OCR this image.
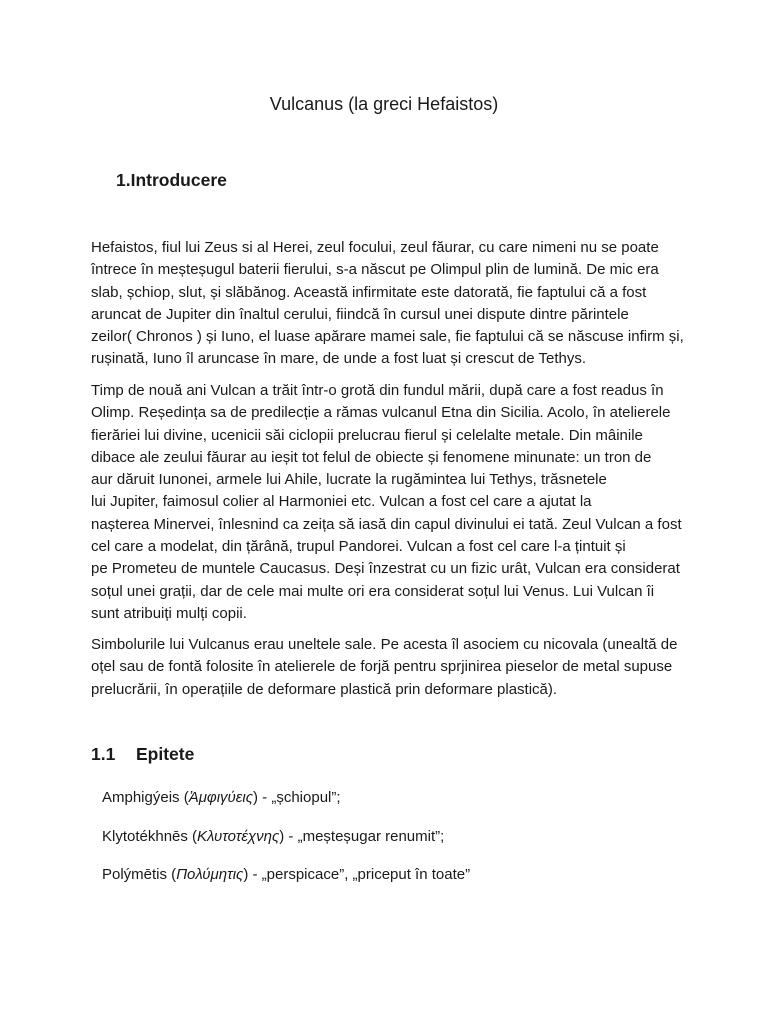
Vulcanus (la greci Hefaistos)
1.Introducere

Hefaistos, fiul lui Zeus si al Herei, zeul focului, zeul făurar, cu care nimeni nu se poate
întrece în meșteșugul baterii fierului, s-a născut pe Olimpul plin de lumină. De mic era
slab, șchiop, slut, și slăbănog. Această infirmitate este datorată, fie faptului că a fost
aruncat de Jupiter din înaltul cerului, fiindcă în cursul unei dispute dintre părintele
zeilor( Chronos ) și Iuno, el luase apărare mamei sale, fie faptului că se născuse infirm și,
rușinată, Iuno îl aruncase în mare, de unde a fost luat și crescut de Tethys.

Timp de nouă ani Vulcan a trăit într-o grotă din fundul mării, după care a fost readus în
Olimp. Reședința sa de predilecție a rămas vulcanul Etna din Sicilia. Acolo, în atelierele
fierăriei lui divine, ucenicii săi ciclopii prelucrau fierul și celelalte metale. Din mâinile
dibace ale zeului făurar au ieșit tot felul de obiecte și fenomene minunate: un tron de
aur dăruit Iunonei, armele lui Ahile, lucrate la rugămintea lui Tethys, trăsnetele
lui Jupiter, faimosul colier al Harmoniei etc. Vulcan a fost cel care a ajutat la
nașterea Minervei, înlesnind ca zeița să iasă din capul divinului ei tată. Zeul Vulcan a fost
cel care a modelat, din țărână, trupul Pandorei. Vulcan a fost cel care l-a țintuit și
pe Prometeu de muntele Caucasus. Deși înzestrat cu un fizic urât, Vulcan era considerat
soțul unei grații, dar de cele mai multe ori era considerat soțul lui Venus. Lui Vulcan îi
sunt atribuiți mulți copii.

Simbolurile lui Vulcanus erau uneltele sale. Pe acesta îl asociem cu nicovala (unealtă de
oțel sau de fontă folosite în atelierele de forjă pentru sprjinirea pieselor de metal supuse
prelucrării, în operațiile de deformare plastică prin deformare plastică).

1.1	Epitete

Amphigýeis (Ἀμφιγύεις) - „șchiopul”;

Klytotékhnēs (Κλυτοτέχνης) - „meșteșugar renumit”;

Polýmētis (Πολύμητις) - „perspicace”, „priceput în toate”
